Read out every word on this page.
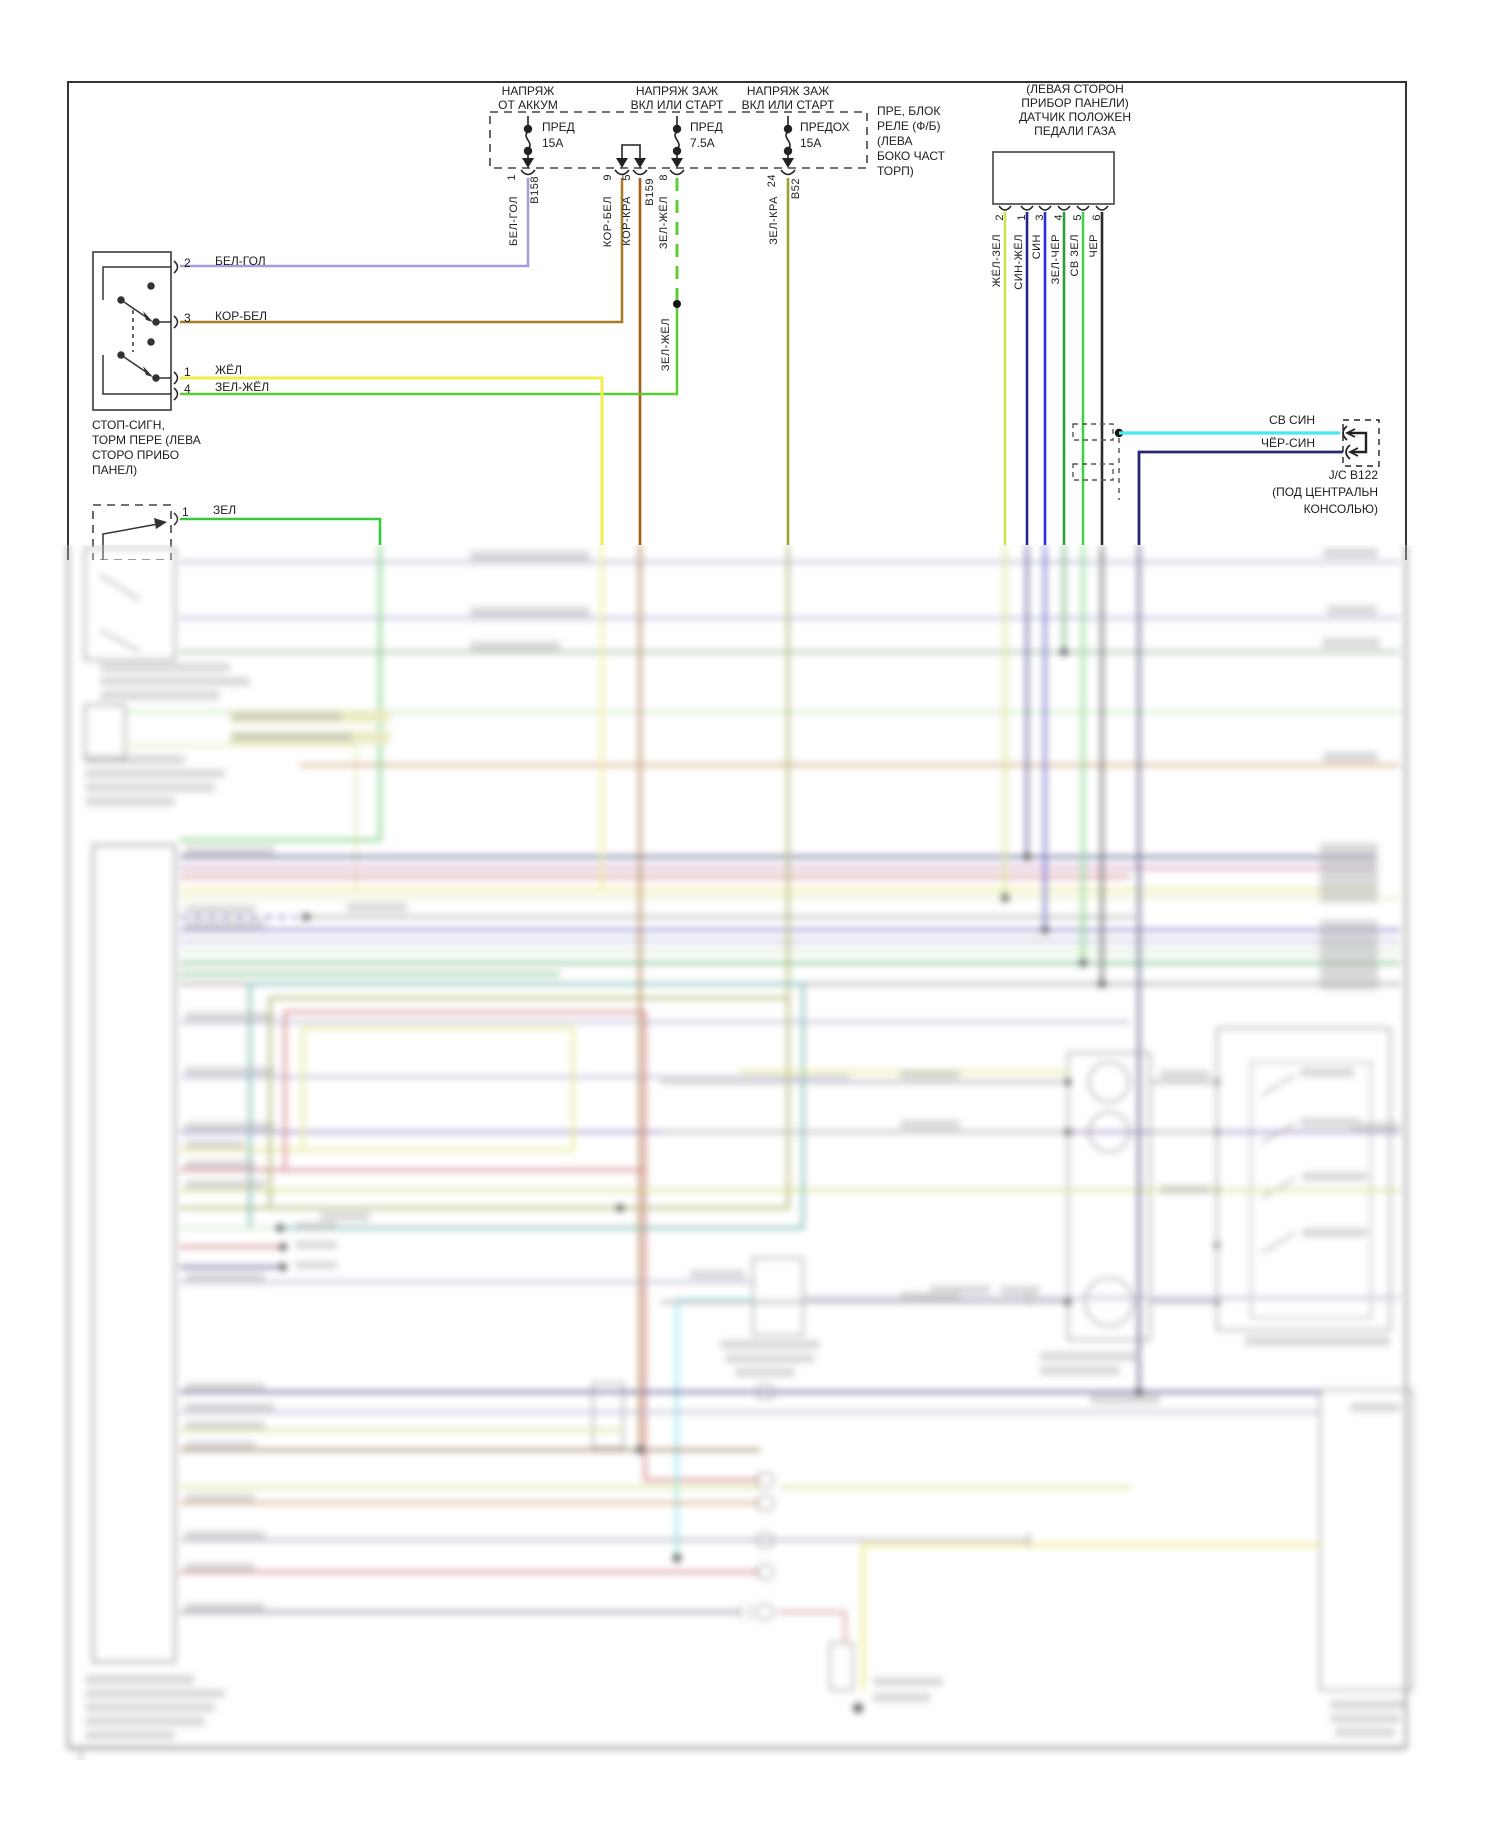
НАПРЯЖ
ОТ АККУМ
НАПРЯЖ ЗАЖ
ВКЛ ИЛИ СТАРТ
НАПРЯЖ ЗАЖ
ВКЛ ИЛИ СТАРТ
ПРЕД
15A
ПРЕД
7.5A
ПРЕДОХ
15A
ПРЕ, БЛОК
РЕЛЕ (Ф/Б)
(ЛЕВА
БОКО ЧАСТ
ТОРП)
1 B158	9 5
B159
8	24 B52
БЕЛ-ГОЛ	КОР-БЕЛ КОР-КРА ЗЕЛ-ЖЁЛ
ЗЕЛ-ЖЁЛ
ЗЕЛ-КРА
2 БЕЛ-ГОЛ
3 КОР-БЕЛ
1 ЖЁЛ
4 ЗЕЛ-ЖЁЛ
СТОП-СИГН,
ТОРМ ПЕРЕ (ЛЕВА
СТОРО ПРИБО
ПАНЕЛ)
1 ЗЕЛ
(ЛЕВАЯ СТОРОН
ПРИБОР ПАНЕЛИ)
ДАТЧИК ПОЛОЖЕН
ПЕДАЛИ ГАЗА
2 1 3 4 5 6
ЖЁЛ-ЗЕЛ СИН-ЖЁЛ СИН ЗЕЛ-ЧЁР СВ ЗЕЛ ЧЕР
СВ СИН
ЧЁР-СИН
J/C B122
(ПОД ЦЕНТРАЛЬН
КОНСОЛЬЮ)
